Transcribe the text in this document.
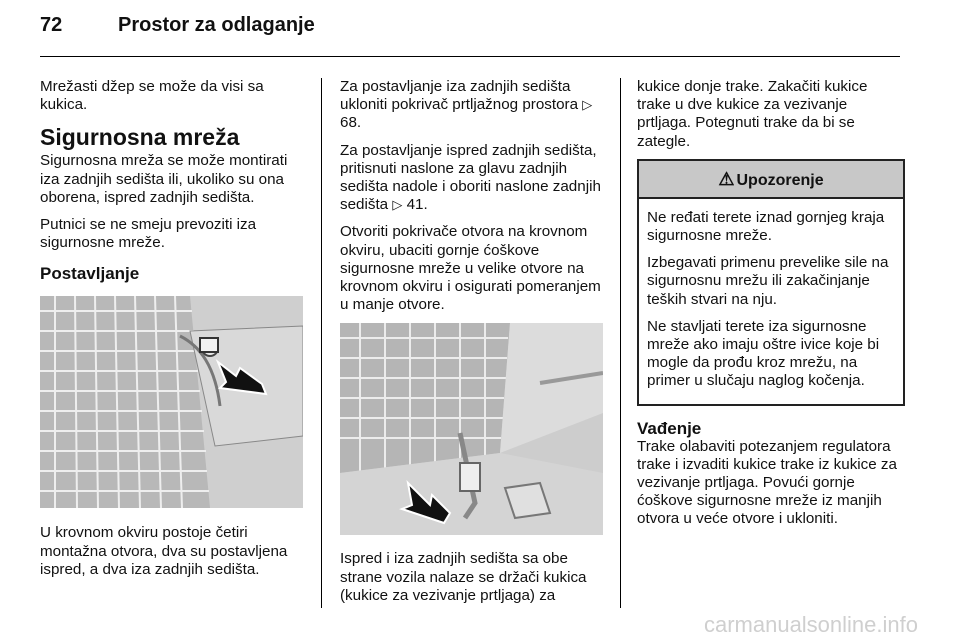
72	Prostor za odlaganje

Mrežasti džep se može da visi sa kukica.

Sigurnosna mreža

Sigurnosna mreža se može montirati iza zadnjih sedišta ili, ukoliko su ona oborena, ispred zadnjih sedišta.

Putnici se ne smeju prevoziti iza sigurnosne mreže.

Postavljanje

U krovnom okviru postoje četiri montažna otvora, dva su postavljena ispred, a dva iza zadnjih sedišta.

Za postavljanje iza zadnjih sedišta ukloniti pokrivač prtljažnog prostora ▷ 68.

Za postavljanje ispred zadnjih sedišta, pritisnuti naslone za glavu zadnjih sedišta nadole i oboriti naslone zadnjih sedišta ▷ 41.

Otvoriti pokrivače otvora na krovnom okviru, ubaciti gornje ćoškove sigurnosne mreže u velike otvore na krovnom okviru i osigurati pomeranjem u manje otvore.

Ispred i iza zadnjih sedišta sa obe strane vozila nalaze se držači kukica (kukice za vezivanje prtljaga) za

kukice donje trake. Zakačiti kukice trake u dve kukice za vezivanje prtljaga. Potegnuti trake da bi se zategle.

⚠ Upozorenje

Ne ređati terete iznad gornjeg kraja sigurnosne mreže.

Izbegavati primenu prevelike sile na sigurnosnu mrežu ili zakačinjanje teških stvari na nju.

Ne stavljati terete iza sigurnosne mreže ako imaju oštre ivice koje bi mogle da prođu kroz mrežu, na primer u slučaju naglog kočenja.

Vađenje

Trake olabaviti potezanjem regulatora trake i izvaditi kukice trake iz kukice za vezivanje prtljaga. Povući gornje ćoškove sigurnosne mreže iz manjih otvora u veće otvore i ukloniti.

carmanualsonline.info
